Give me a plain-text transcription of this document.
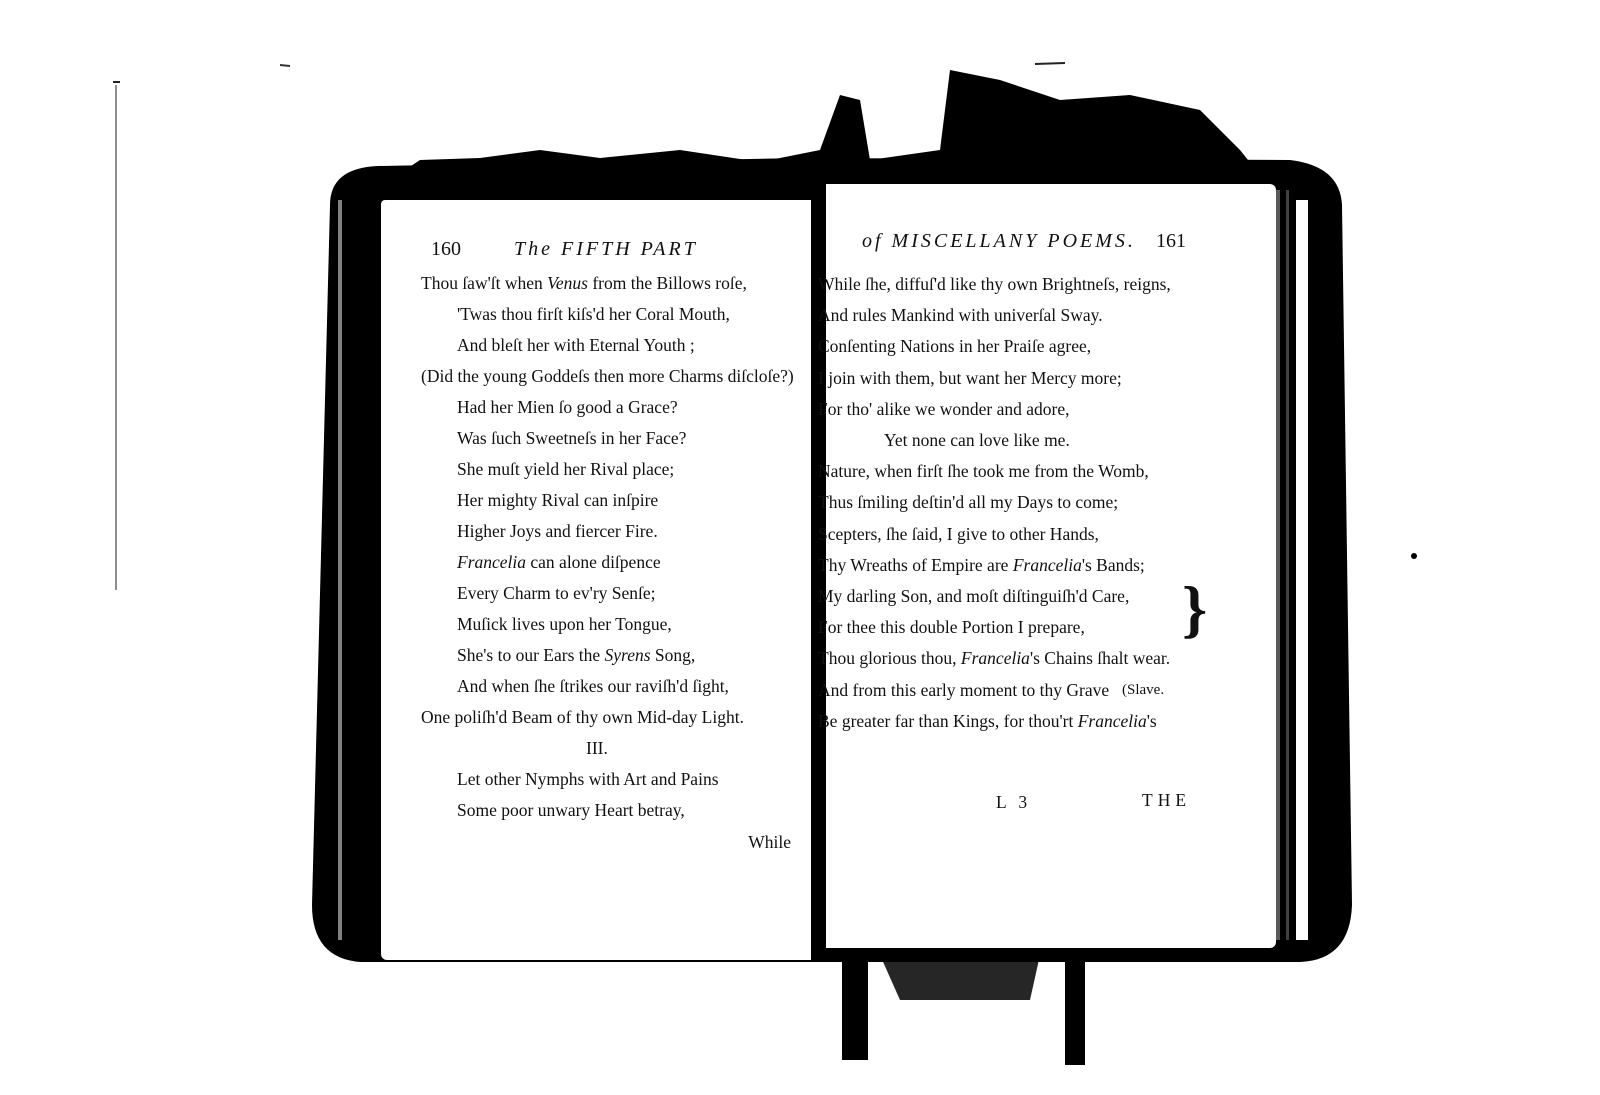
160	The FIFTH PART
Thou ſaw'ſt when Venus from the Billows roſe,
'Twas thou firſt kiſs'd her Coral Mouth,
And bleſt her with Eternal Youth ;
(Did the young Goddeſs then more Charms diſcloſe?)
Had her Mien ſo good a Grace?
Was ſuch Sweetneſs in her Face?
She muſt yield her Rival place;
Her mighty Rival can inſpire
Higher Joys and fiercer Fire.
Francelia can alone diſpence
Every Charm to ev'ry Senſe;
Muſick lives upon her Tongue,
She's to our Ears the Syrens Song,
And when ſhe ſtrikes our raviſh'd ſight,
One poliſh'd Beam of thy own Mid-day Light.
III.
Let other Nymphs with Art and Pains
Some poor unwary Heart betray,
While
of MISCELLANY POEMS. 161
While ſhe, diffuſ'd like thy own Brightneſs, reigns,
And rules Mankind with univerſal Sway.
Conſenting Nations in her Praiſe agree,
I join with them, but want her Mercy more;
For tho' alike we wonder and adore,
Yet none can love like me.
Nature, when firſt ſhe took me from the Womb,
Thus ſmiling deſtin'd all my Days to come;
Scepters, ſhe ſaid, I give to other Hands,
Thy Wreaths of Empire are Francelia's Bands;
My darling Son, and moſt diſtinguiſh'd Care,
For thee this double Portion I prepare,
Thou glorious thou, Francelia's Chains ſhalt wear.
And from this early moment to thy Grave
Be greater far than Kings, for thou'rt Francelia's
}
(Slave.
L 3	THE
